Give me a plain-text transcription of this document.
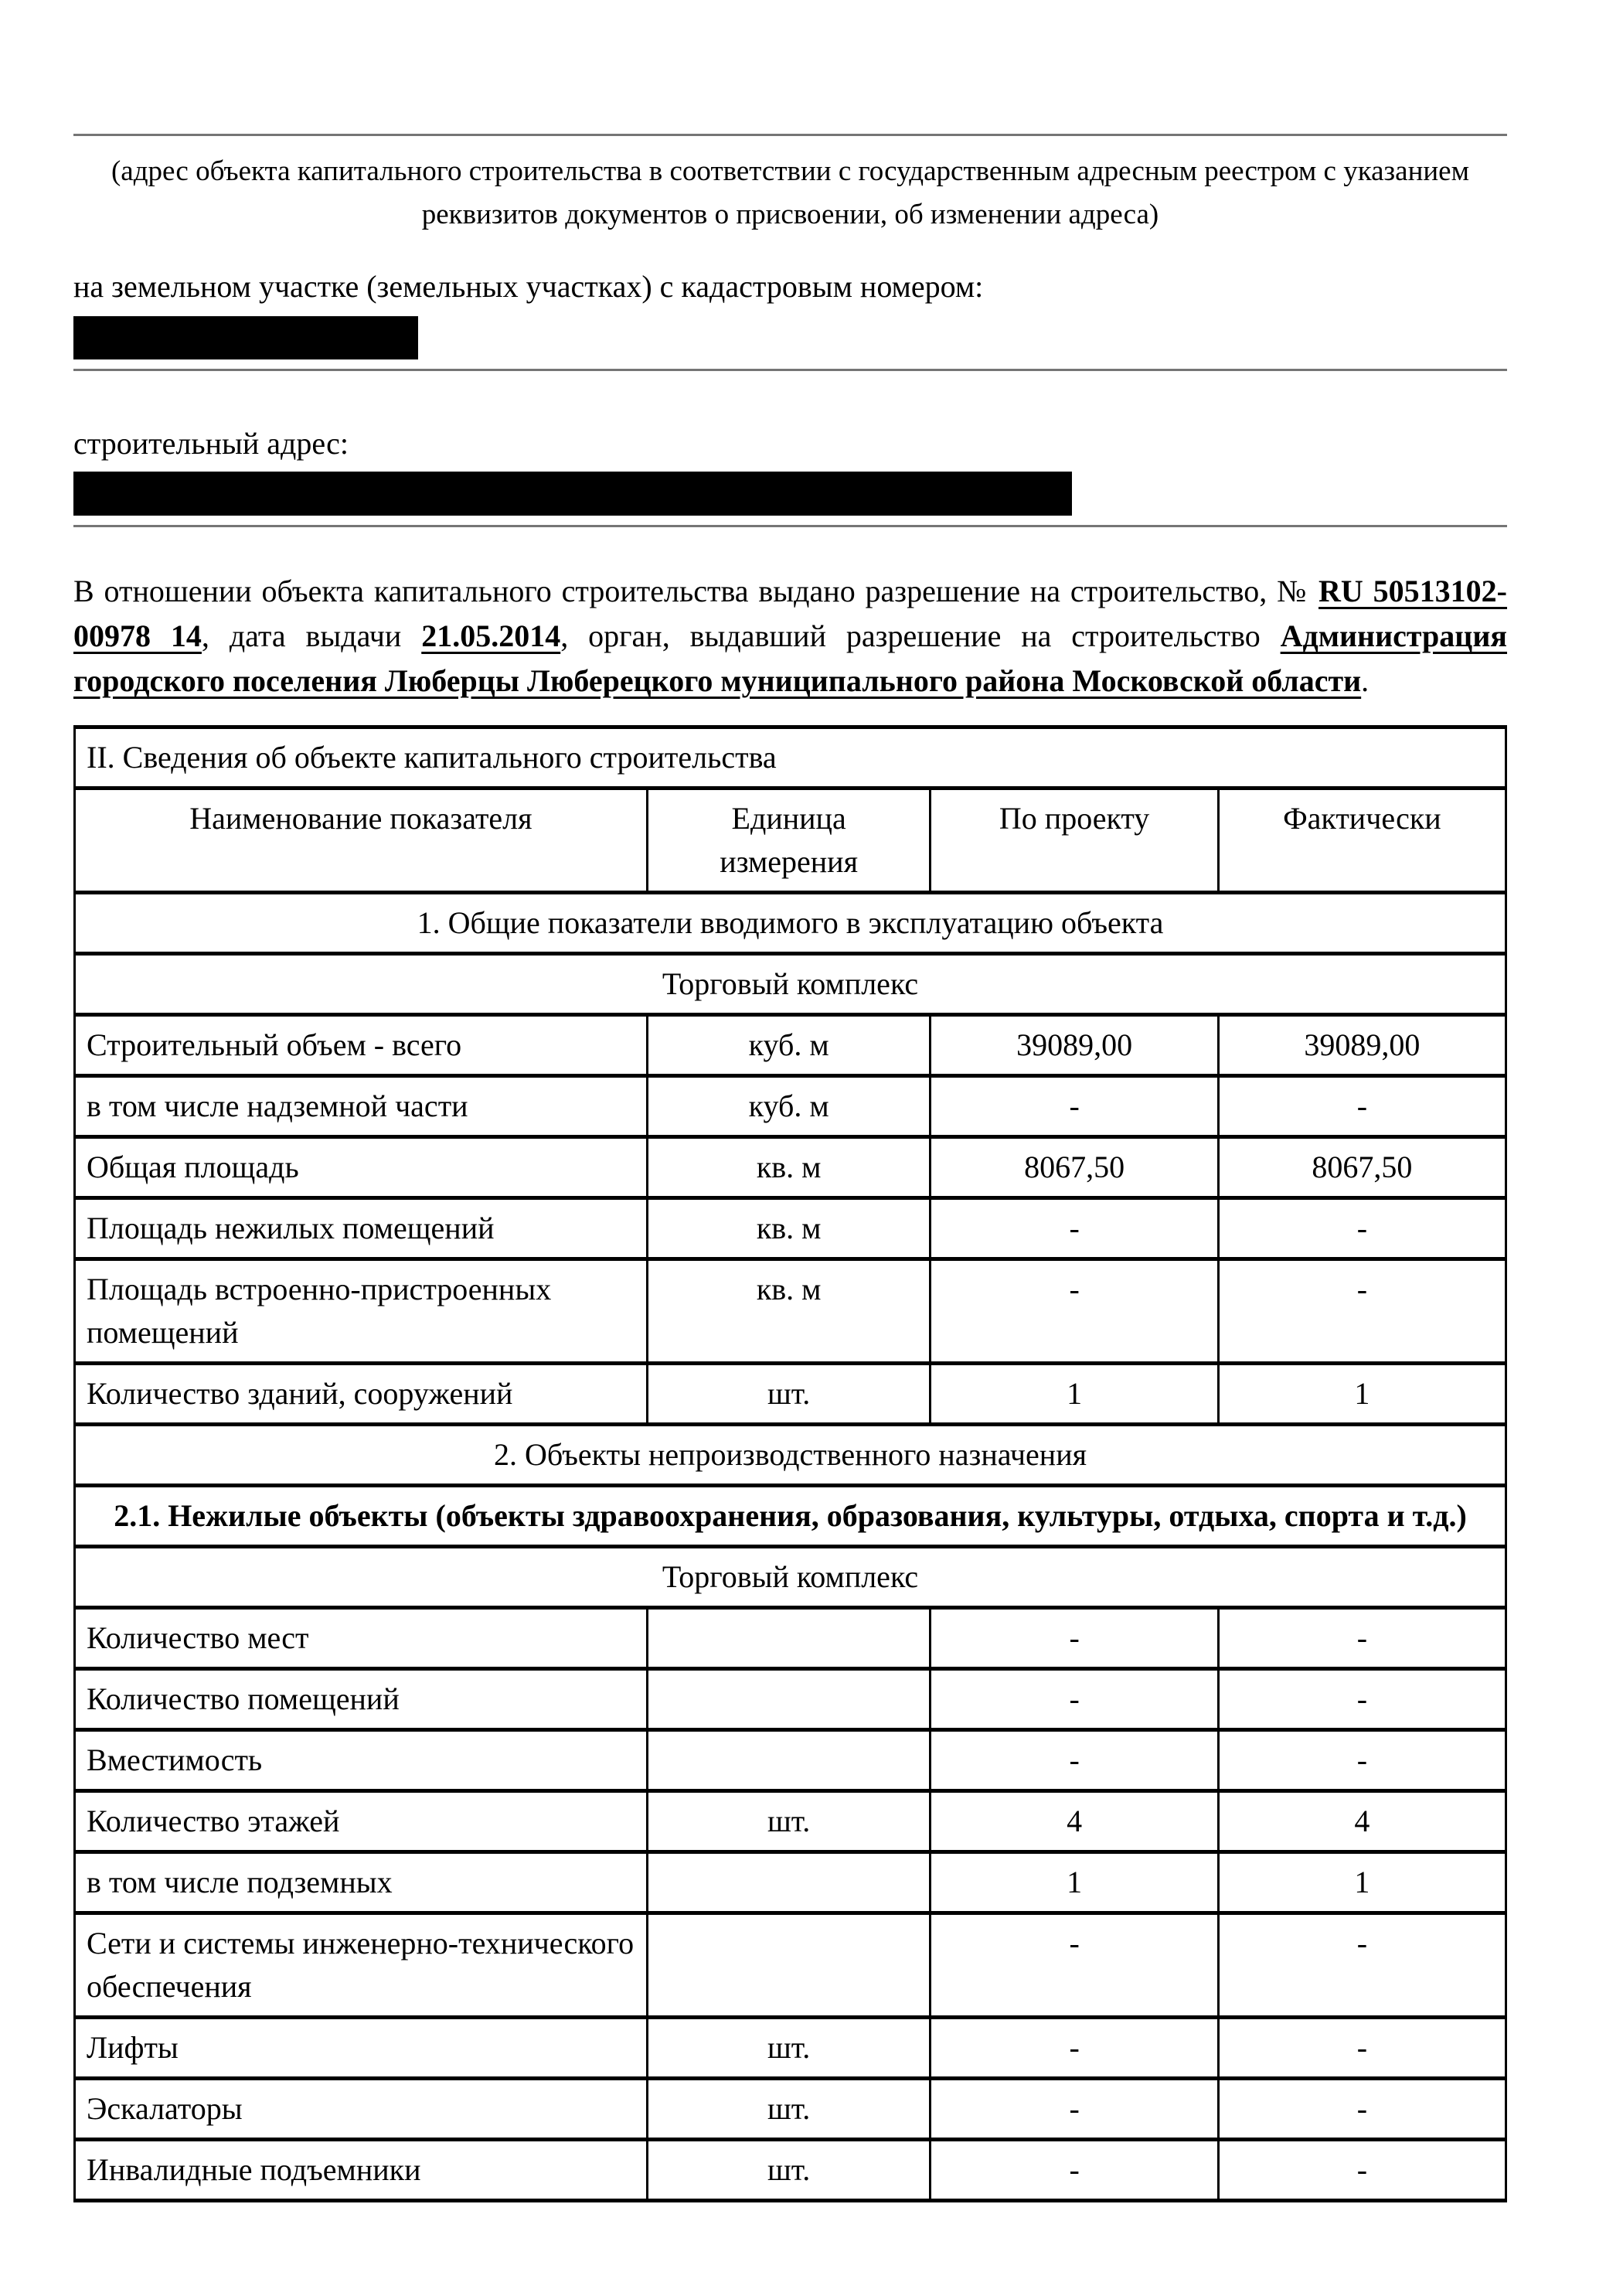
(адрес объекта капитального строительства в соответствии с государственным адресным реестром с указанием реквизитов документов о присвоении, об изменении адреса)

на земельном участке (земельных участках) с кадастровым номером:

строительный адрес:

В отношении объекта капитального строительства выдано разрешение на строительство, № RU 50513102-00978 14, дата выдачи 21.05.2014, орган, выдавший разрешение на строительство Администрация городского поселения Люберцы Люберецкого муниципального района Московской области.

II. Сведения об объекте капитального строительства			
Наименование показателя	Единица измерения	По проекту	Фактически
1. Общие показатели вводимого в эксплуатацию объекта			
Торговый комплекс			
Строительный объем - всего	куб. м	39089,00	39089,00
в том числе надземной части	куб. м	-	-
Общая площадь	кв. м	8067,50	8067,50
Площадь нежилых помещений	кв. м	-	-
Площадь встроенно-пристроенных помещений	кв. м	-	-
Количество зданий, сооружений	шт.	1	1
2. Объекты непроизводственного назначения			
2.1. Нежилые объекты (объекты здравоохранения, образования, культуры, отдыха, спорта и т.д.)			
Торговый комплекс			
Количество мест		-	-
Количество помещений		-	-
Вместимость		-	-
Количество этажей	шт.	4	4
в том числе подземных		1	1
Сети и системы инженерно-технического обеспечения		-	-
Лифты	шт.	-	-
Эскалаторы	шт.	-	-
Инвалидные подъемники	шт.	-	-
